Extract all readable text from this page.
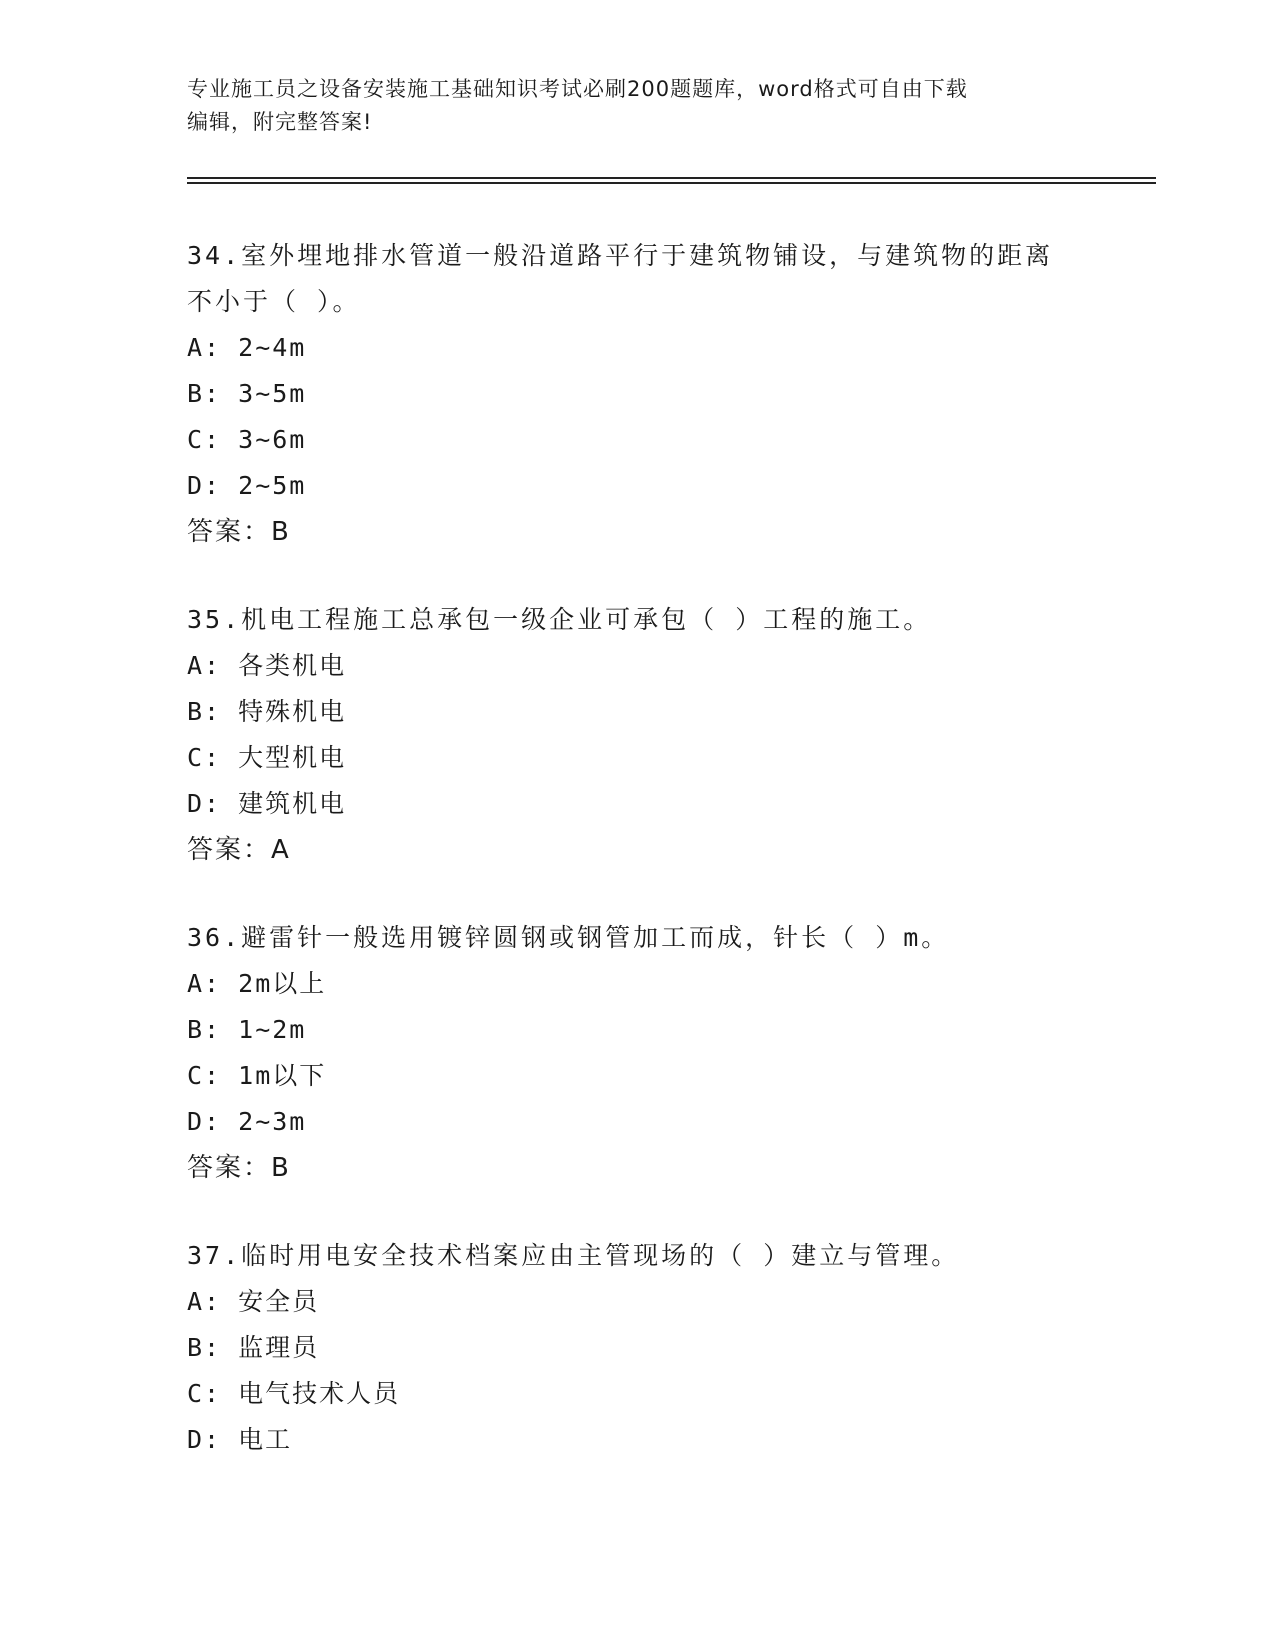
专业施工员之设备安装施工基础知识考试必刷200题题库，word格式可自由下载
编辑，附完整答案!
34.室外埋地排水管道一般沿道路平行于建筑物铺设，与建筑物的距离
不小于（ ）。
A: 2~4m
B: 3~5m
C: 3~6m
D: 2~5m
答案：B
35.机电工程施工总承包一级企业可承包（ ）工程的施工。
A: 各类机电
B: 特殊机电
C: 大型机电
D: 建筑机电
答案：A
36.避雷针一般选用镀锌圆钢或钢管加工而成，针长（ ）m。
A: 2m以上
B: 1~2m
C: 1m以下
D: 2~3m
答案：B
37.临时用电安全技术档案应由主管现场的（ ）建立与管理。
A: 安全员
B: 监理员
C: 电气技术人员
D: 电工
